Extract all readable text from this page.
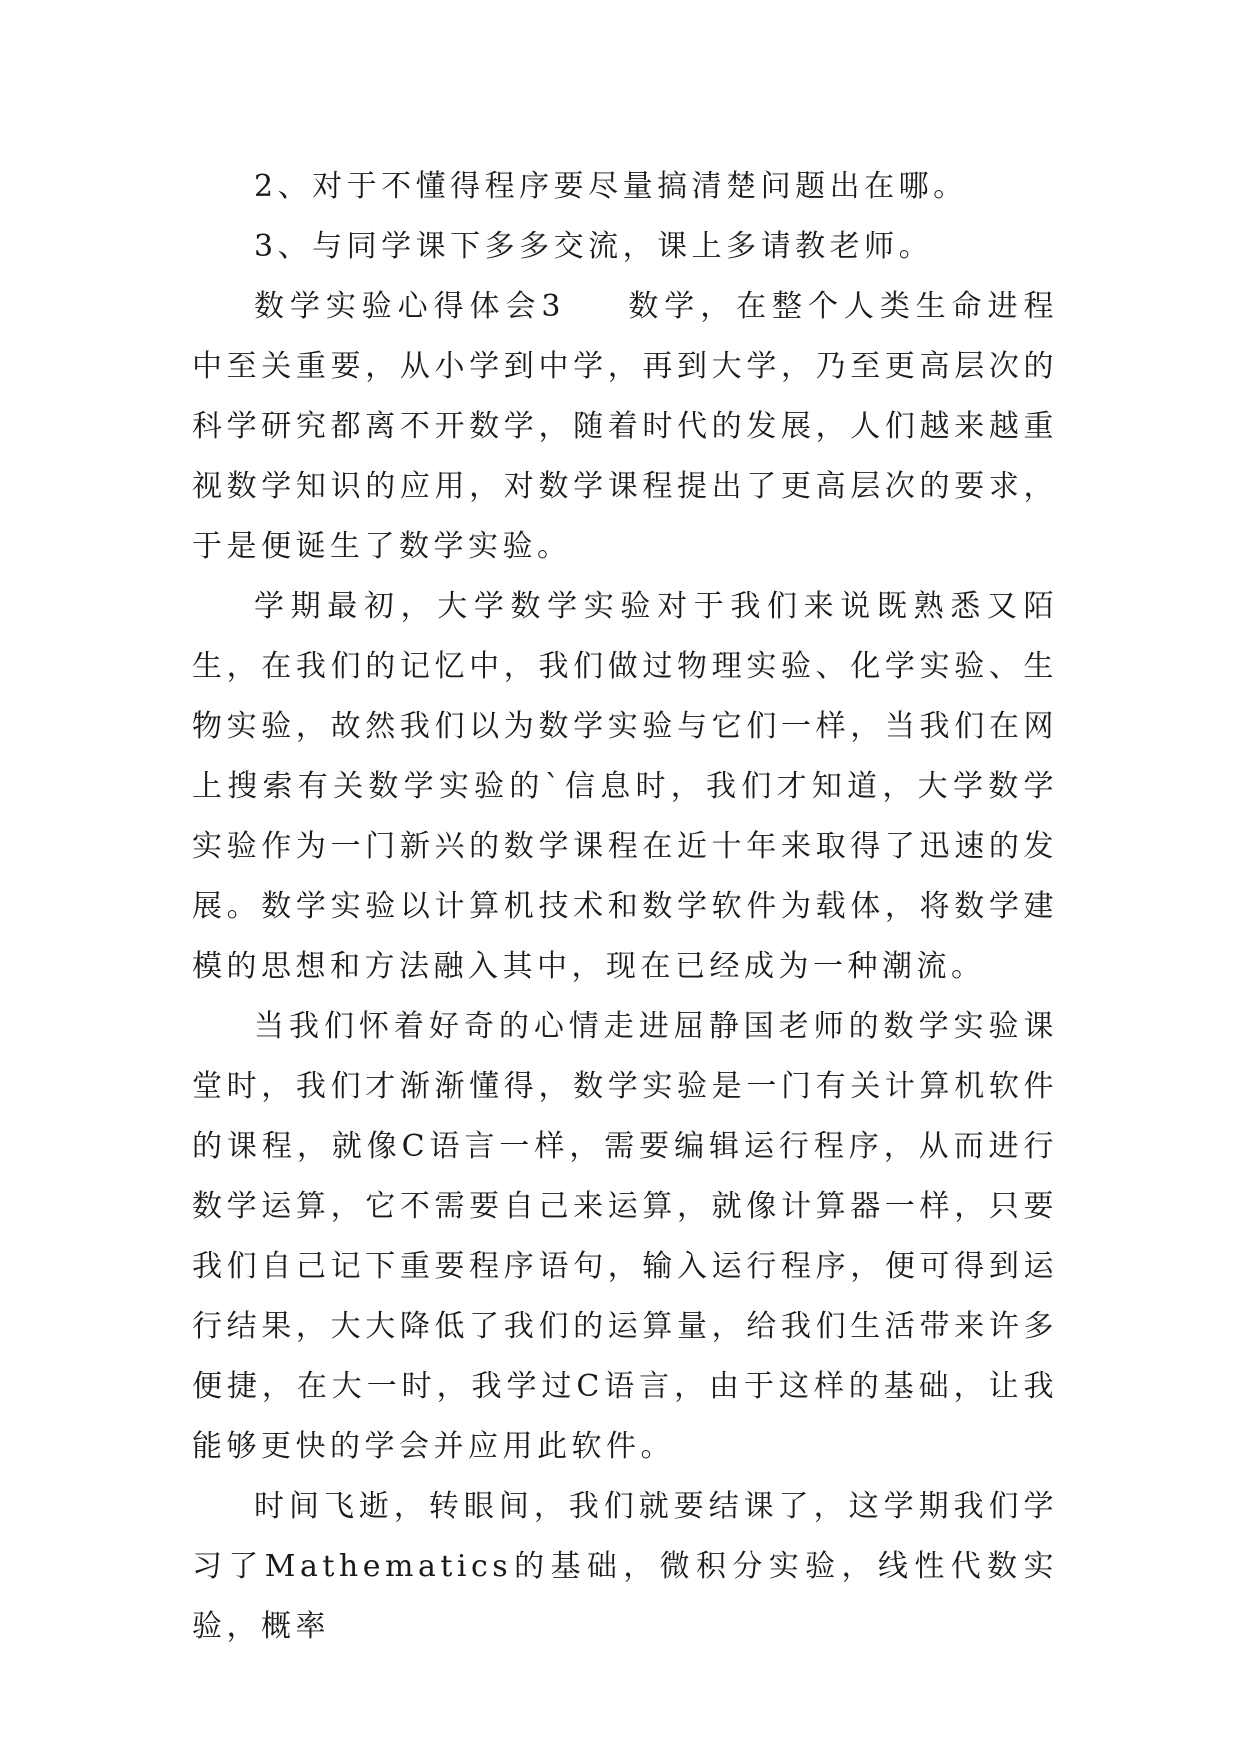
2、对于不懂得程序要尽量搞清楚问题出在哪。

3、与同学课下多多交流，课上多请教老师。

数学实验心得体会3 数学，在整个人类生命进程中至关重要，从小学到中学，再到大学，乃至更高层次的科学研究都离不开数学，随着时代的发展，人们越来越重视数学知识的应用，对数学课程提出了更高层次的要求，于是便诞生了数学实验。

学期最初，大学数学实验对于我们来说既熟悉又陌生，在我们的记忆中，我们做过物理实验、化学实验、生物实验，故然我们以为数学实验与它们一样，当我们在网上搜索有关数学实验的`信息时，我们才知道，大学数学实验作为一门新兴的数学课程在近十年来取得了迅速的发展。数学实验以计算机技术和数学软件为载体，将数学建模的思想和方法融入其中，现在已经成为一种潮流。

当我们怀着好奇的心情走进屈静国老师的数学实验课堂时，我们才渐渐懂得，数学实验是一门有关计算机软件的课程，就像C语言一样，需要编辑运行程序，从而进行数学运算，它不需要自己来运算，就像计算器一样，只要我们自己记下重要程序语句，输入运行程序，便可得到运行结果，大大降低了我们的运算量，给我们生活带来许多便捷，在大一时，我学过C语言，由于这样的基础，让我能够更快的学会并应用此软件。

时间飞逝，转眼间，我们就要结课了，这学期我们学习了Mathematics的基础，微积分实验，线性代数实验，概率
